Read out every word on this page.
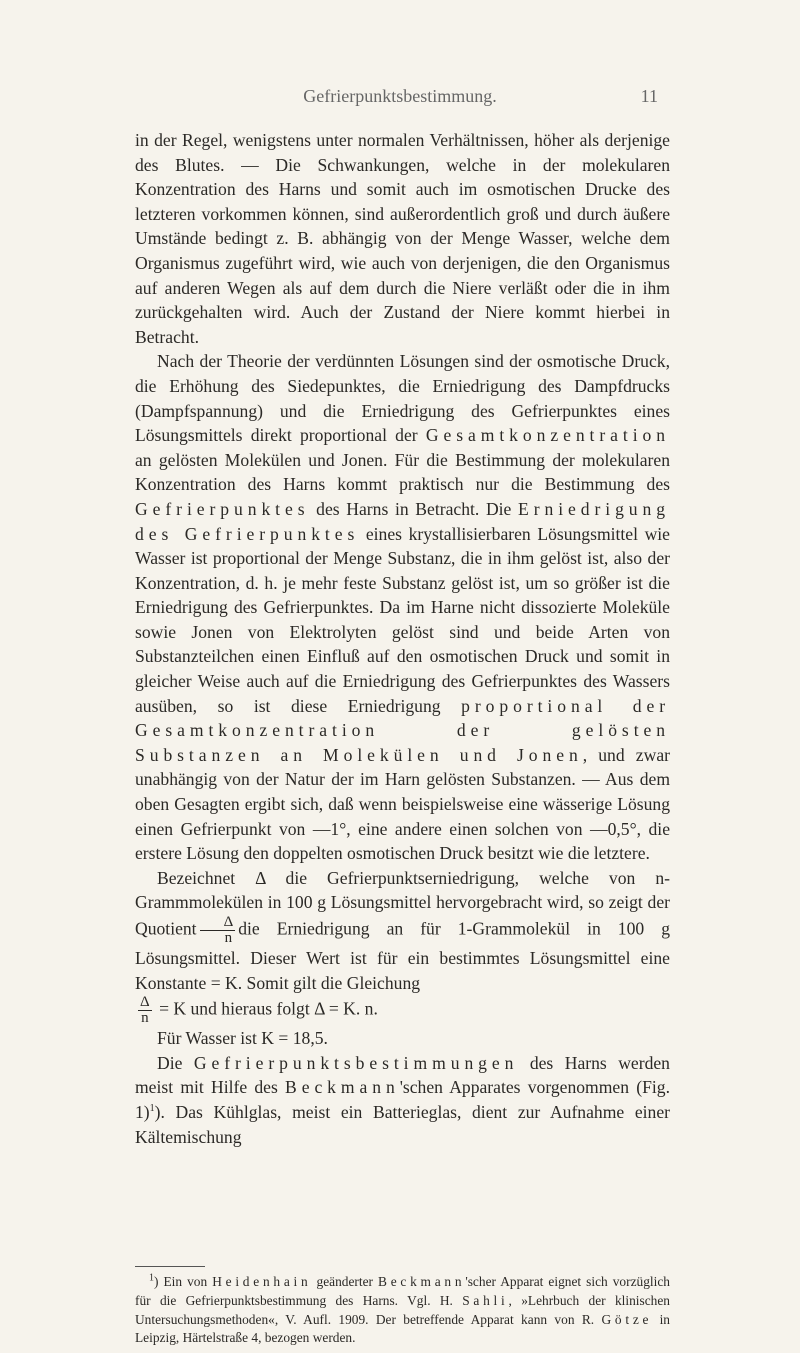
Gefrierpunktsbestimmung.	11

in der Regel, wenigstens unter normalen Verhältnissen, höher als derjenige des Blutes. — Die Schwankungen, welche in der molekularen Konzentration des Harns und somit auch im osmotischen Drucke des letzteren vorkommen können, sind außerordentlich groß und durch äußere Umstände bedingt z. B. abhängig von der Menge Wasser, welche dem Organismus zugeführt wird, wie auch von derjenigen, die den Organismus auf anderen Wegen als auf dem durch die Niere verläßt oder die in ihm zurückgehalten wird. Auch der Zustand der Niere kommt hierbei in Betracht.

Nach der Theorie der verdünnten Lösungen sind der osmotische Druck, die Erhöhung des Siedepunktes, die Erniedrigung des Dampfdrucks (Dampfspannung) und die Erniedrigung des Gefrierpunktes eines Lösungsmittels direkt proportional der Gesamtkonzentration an gelösten Molekülen und Jonen. Für die Bestimmung der molekularen Konzentration des Harns kommt praktisch nur die Bestimmung des Gefrierpunktes des Harns in Betracht. Die Erniedrigung des Gefrierpunktes eines krystallisierbaren Lösungsmittel wie Wasser ist proportional der Menge Substanz, die in ihm gelöst ist, also der Konzentration, d. h. je mehr feste Substanz gelöst ist, um so größer ist die Erniedrigung des Gefrierpunktes. Da im Harne nicht dissozierte Moleküle sowie Jonen von Elektrolyten gelöst sind und beide Arten von Substanzteilchen einen Einfluß auf den osmotischen Druck und somit in gleicher Weise auch auf die Erniedrigung des Gefrierpunktes des Wassers ausüben, so ist diese Erniedrigung proportional der Gesamtkonzentration der gelösten Substanzen an Molekülen und Jonen, und zwar unabhängig von der Natur der im Harn gelösten Substanzen. — Aus dem oben Gesagten ergibt sich, daß wenn beispielsweise eine wässerige Lösung einen Gefrierpunkt von —1°, eine andere einen solchen von —0,5°, die erstere Lösung den doppelten osmotischen Druck besitzt wie die letztere.

Bezeichnet Δ die Gefrierpunktserniedrigung, welche von n-Grammmolekülen in 100 g Lösungsmittel hervorgebracht wird, so zeigt der Quotient $\frac{\Delta}{n}$ die Erniedrigung an für 1-Grammolekül in 100 g Lösungsmittel. Dieser Wert ist für ein bestimmtes Lösungsmittel eine Konstante = K. Somit gilt die Gleichung

$\frac{\Delta}{n} = K$ und hieraus folgt Δ = K. n.

Für Wasser ist K = 18,5.

Die Gefrierpunktsbestimmungen des Harns werden meist mit Hilfe des Beckmann'schen Apparates vorgenommen (Fig. 1)$^1$). Das Kühlglas, meist ein Batterieglas, dient zur Aufnahme einer Kältemischung

$^1$) Ein von Heidenhain geänderter Beckmann'scher Apparat eignet sich vorzüglich für die Gefrierpunktsbestimmung des Harns. Vgl. H. Sahli, »Lehrbuch der klinischen Untersuchungsmethoden«, V. Aufl. 1909. Der betreffende Apparat kann von R. Götze in Leipzig, Härtelstraße 4, bezogen werden.
